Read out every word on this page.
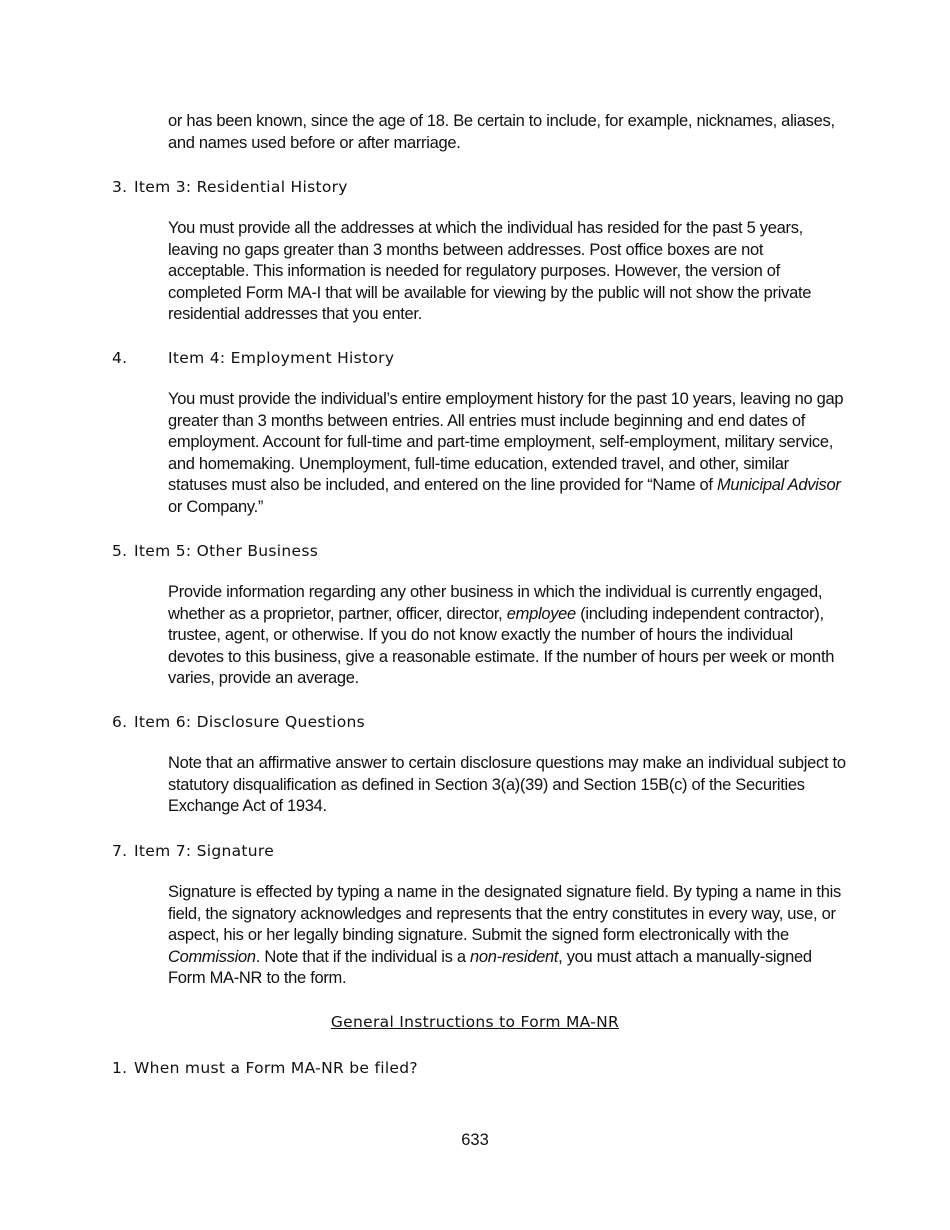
or has been known, since the age of 18. Be certain to include, for example, nicknames, aliases, and names used before or after marriage.

3. Item 3: Residential History

You must provide all the addresses at which the individual has resided for the past 5 years, leaving no gaps greater than 3 months between addresses. Post office boxes are not acceptable. This information is needed for regulatory purposes. However, the version of completed Form MA-I that will be available for viewing by the public will not show the private residential addresses that you enter.

4.	Item 4: Employment History

You must provide the individual’s entire employment history for the past 10 years, leaving no gap greater than 3 months between entries. All entries must include beginning and end dates of employment. Account for full-time and part-time employment, self-employment, military service, and homemaking. Unemployment, full-time education, extended travel, and other, similar statuses must also be included, and entered on the line provided for “Name of Municipal Advisor or Company.”

5. Item 5: Other Business

Provide information regarding any other business in which the individual is currently engaged, whether as a proprietor, partner, officer, director, employee (including independent contractor), trustee, agent, or otherwise. If you do not know exactly the number of hours the individual devotes to this business, give a reasonable estimate. If the number of hours per week or month varies, provide an average.

6. Item 6: Disclosure Questions

Note that an affirmative answer to certain disclosure questions may make an individual subject to statutory disqualification as defined in Section 3(a)(39) and Section 15B(c) of the Securities Exchange Act of 1934.

7. Item 7: Signature

Signature is effected by typing a name in the designated signature field. By typing a name in this field, the signatory acknowledges and represents that the entry constitutes in every way, use, or aspect, his or her legally binding signature. Submit the signed form electronically with the Commission. Note that if the individual is a non-resident, you must attach a manually-signed Form MA-NR to the form.

General Instructions to Form MA-NR
1. When must a Form MA-NR be filed?
633
